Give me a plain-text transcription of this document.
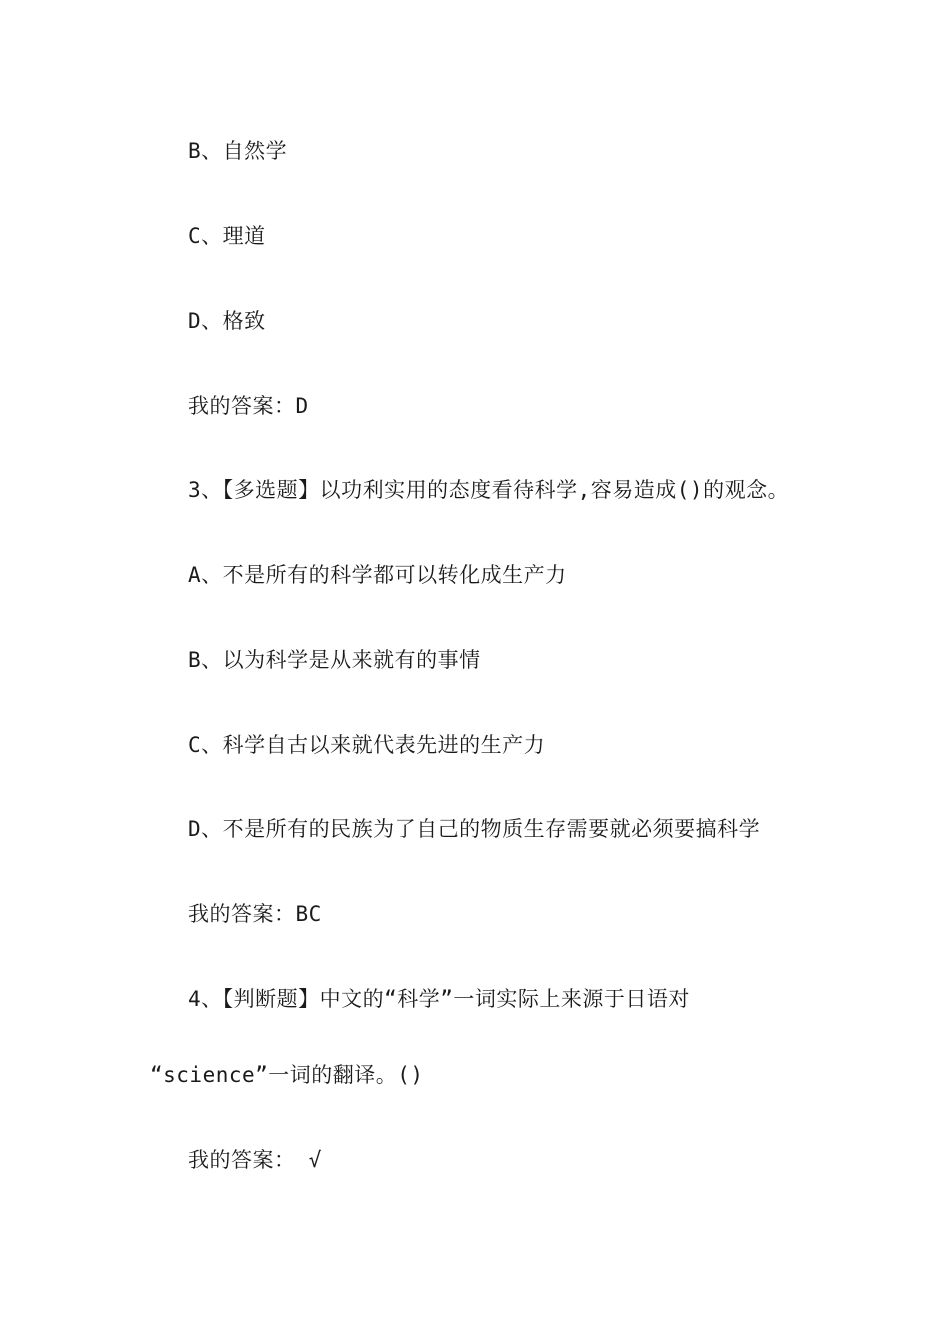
B、自然学
C、理道
D、格致
我的答案：D
3、【多选题】以功利实用的态度看待科学,容易造成()的观念。
A、不是所有的科学都可以转化成生产力
B、以为科学是从来就有的事情
C、科学自古以来就代表先进的生产力
D、不是所有的民族为了自己的物质生存需要就必须要搞科学
我的答案：BC
4、【判断题】中文的“科学”一词实际上来源于日语对
“science”一词的翻译。()
我的答案： √
